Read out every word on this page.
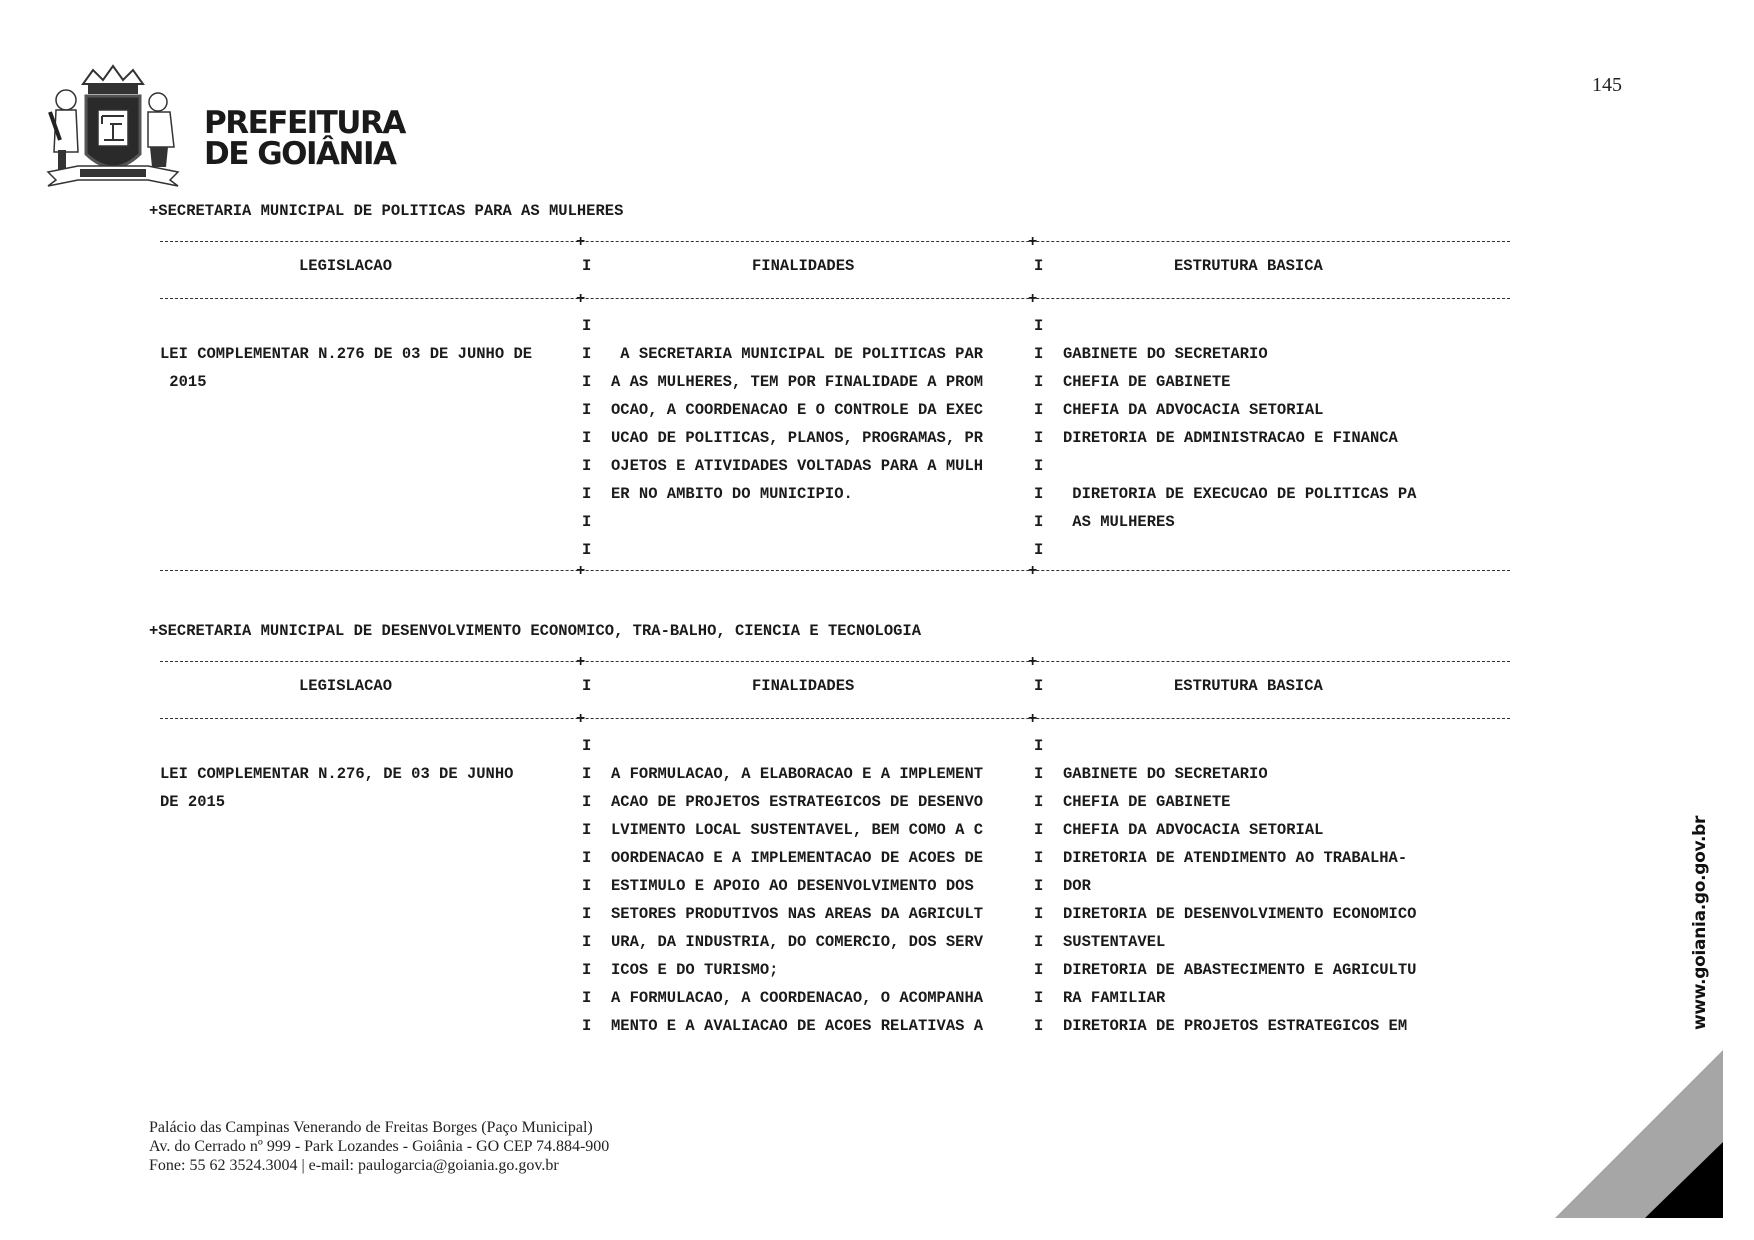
PREFEITURA
DE GOIÂNIA
145
+SECRETARIA MUNICIPAL DE POLITICAS PARA AS MULHERES
+	+
LEGISLACAO	I	FINALIDADES	I	ESTRUTURA BASICA
+	+
I	I
LEI COMPLEMENTAR N.276 DE 03 DE JUNHO DE	I A SECRETARIA MUNICIPAL DE POLITICAS PAR	I GABINETE DO SECRETARIO
2015	I A AS MULHERES, TEM POR FINALIDADE A PROM	I CHEFIA DE GABINETE
I OCAO, A COORDENACAO E O CONTROLE DA EXEC	I CHEFIA DA ADVOCACIA SETORIAL
I UCAO DE POLITICAS, PLANOS, PROGRAMAS, PR	I DIRETORIA DE ADMINISTRACAO E FINANCA
I OJETOS E ATIVIDADES VOLTADAS PARA A MULH	I
I ER NO AMBITO DO MUNICIPIO.	I DIRETORIA DE EXECUCAO DE POLITICAS PA
I	I AS MULHERES
I	I
+	+
+SECRETARIA MUNICIPAL DE DESENVOLVIMENTO ECONOMICO, TRA-BALHO, CIENCIA E TECNOLOGIA
+	+
LEGISLACAO	I	FINALIDADES	I	ESTRUTURA BASICA
+	+
I	I
LEI COMPLEMENTAR N.276, DE 03 DE JUNHO	I A FORMULACAO, A ELABORACAO E A IMPLEMENT	I GABINETE DO SECRETARIO
DE 2015	I ACAO DE PROJETOS ESTRATEGICOS DE DESENVO	I CHEFIA DE GABINETE
I LVIMENTO LOCAL SUSTENTAVEL, BEM COMO A C	I CHEFIA DA ADVOCACIA SETORIAL
I OORDENACAO E A IMPLEMENTACAO DE ACOES DE	I DIRETORIA DE ATENDIMENTO AO TRABALHA-
I ESTIMULO E APOIO AO DESENVOLVIMENTO DOS	I DOR
I SETORES PRODUTIVOS NAS AREAS DA AGRICULT	I DIRETORIA DE DESENVOLVIMENTO ECONOMICO
I URA, DA INDUSTRIA, DO COMERCIO, DOS SERV	I SUSTENTAVEL
I ICOS E DO TURISMO;	I DIRETORIA DE ABASTECIMENTO E AGRICULTU
I A FORMULACAO, A COORDENACAO, O ACOMPANHA	I RA FAMILIAR
I MENTO E A AVALIACAO DE ACOES RELATIVAS A	I DIRETORIA DE PROJETOS ESTRATEGICOS EM
Palácio das Campinas Venerando de Freitas Borges (Paço Municipal)
Av. do Cerrado nº 999 - Park Lozandes - Goiânia - GO CEP 74.884-900
Fone: 55 62 3524.3004 | e-mail: paulogarcia@goiania.go.gov.br
www.goiania.go.gov.br
